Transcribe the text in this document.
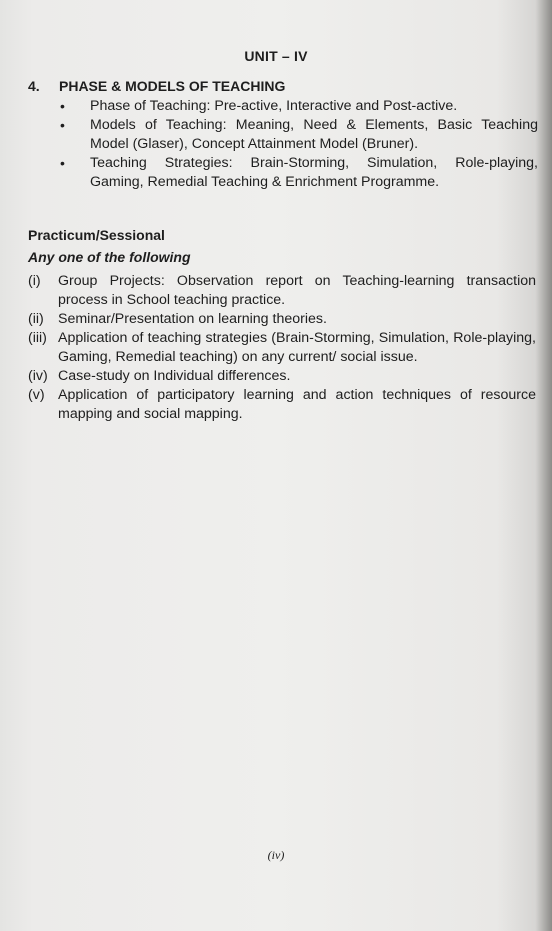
UNIT – IV
4. PHASE & MODELS OF TEACHING
• Phase of Teaching: Pre-active, Interactive and Post-active.
• Models of Teaching: Meaning, Need & Elements, Basic Teaching Model (Glaser), Concept Attainment Model (Bruner).
• Teaching Strategies: Brain-Storming, Simulation, Role-playing, Gaming, Remedial Teaching & Enrichment Programme.
Practicum/Sessional
Any one of the following
(i) Group Projects: Observation report on Teaching-learning transaction process in School teaching practice.
(ii) Seminar/Presentation on learning theories.
(iii) Application of teaching strategies (Brain-Storming, Simulation, Role-playing, Gaming, Remedial teaching) on any current/ social issue.
(iv) Case-study on Individual differences.
(v) Application of participatory learning and action techniques of resource mapping and social mapping.
(iv)
